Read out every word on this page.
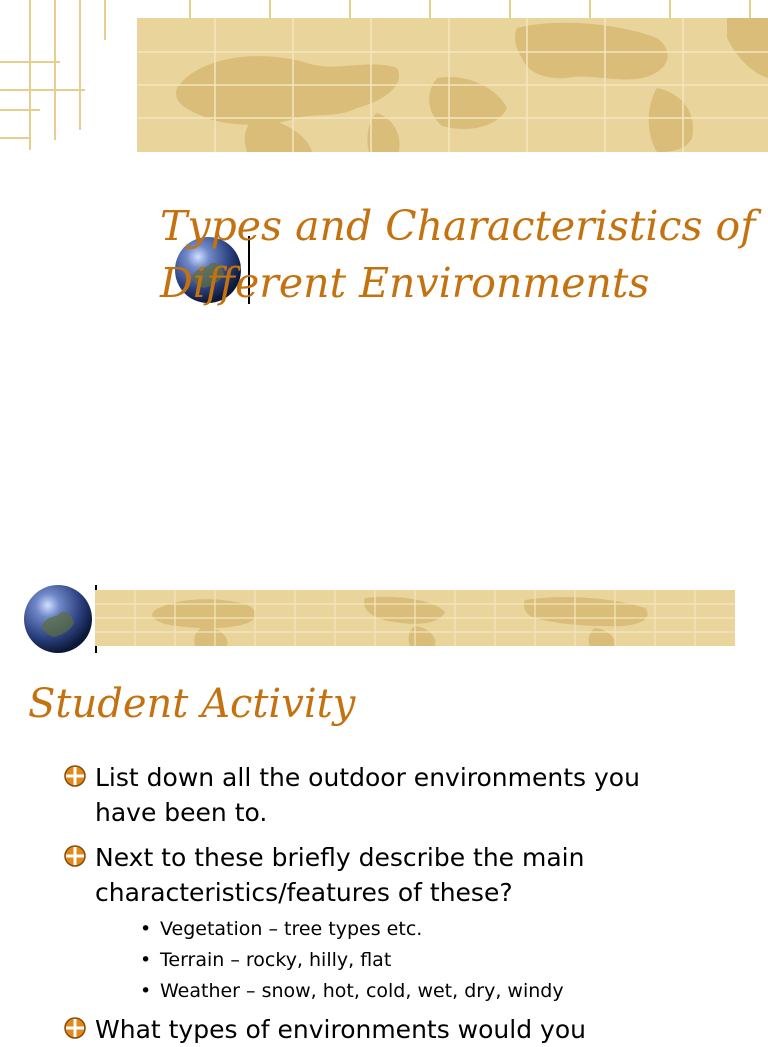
Types and Characteristics of
Different Environments
Student Activity
List down all the outdoor environments you
have been to.
Next to these briefly describe the main
characteristics/features of these?
• Vegetation – tree types etc.
• Terrain – rocky, hilly, flat
• Weather – snow, hot, cold, wet, dry, windy
What types of environments would you
